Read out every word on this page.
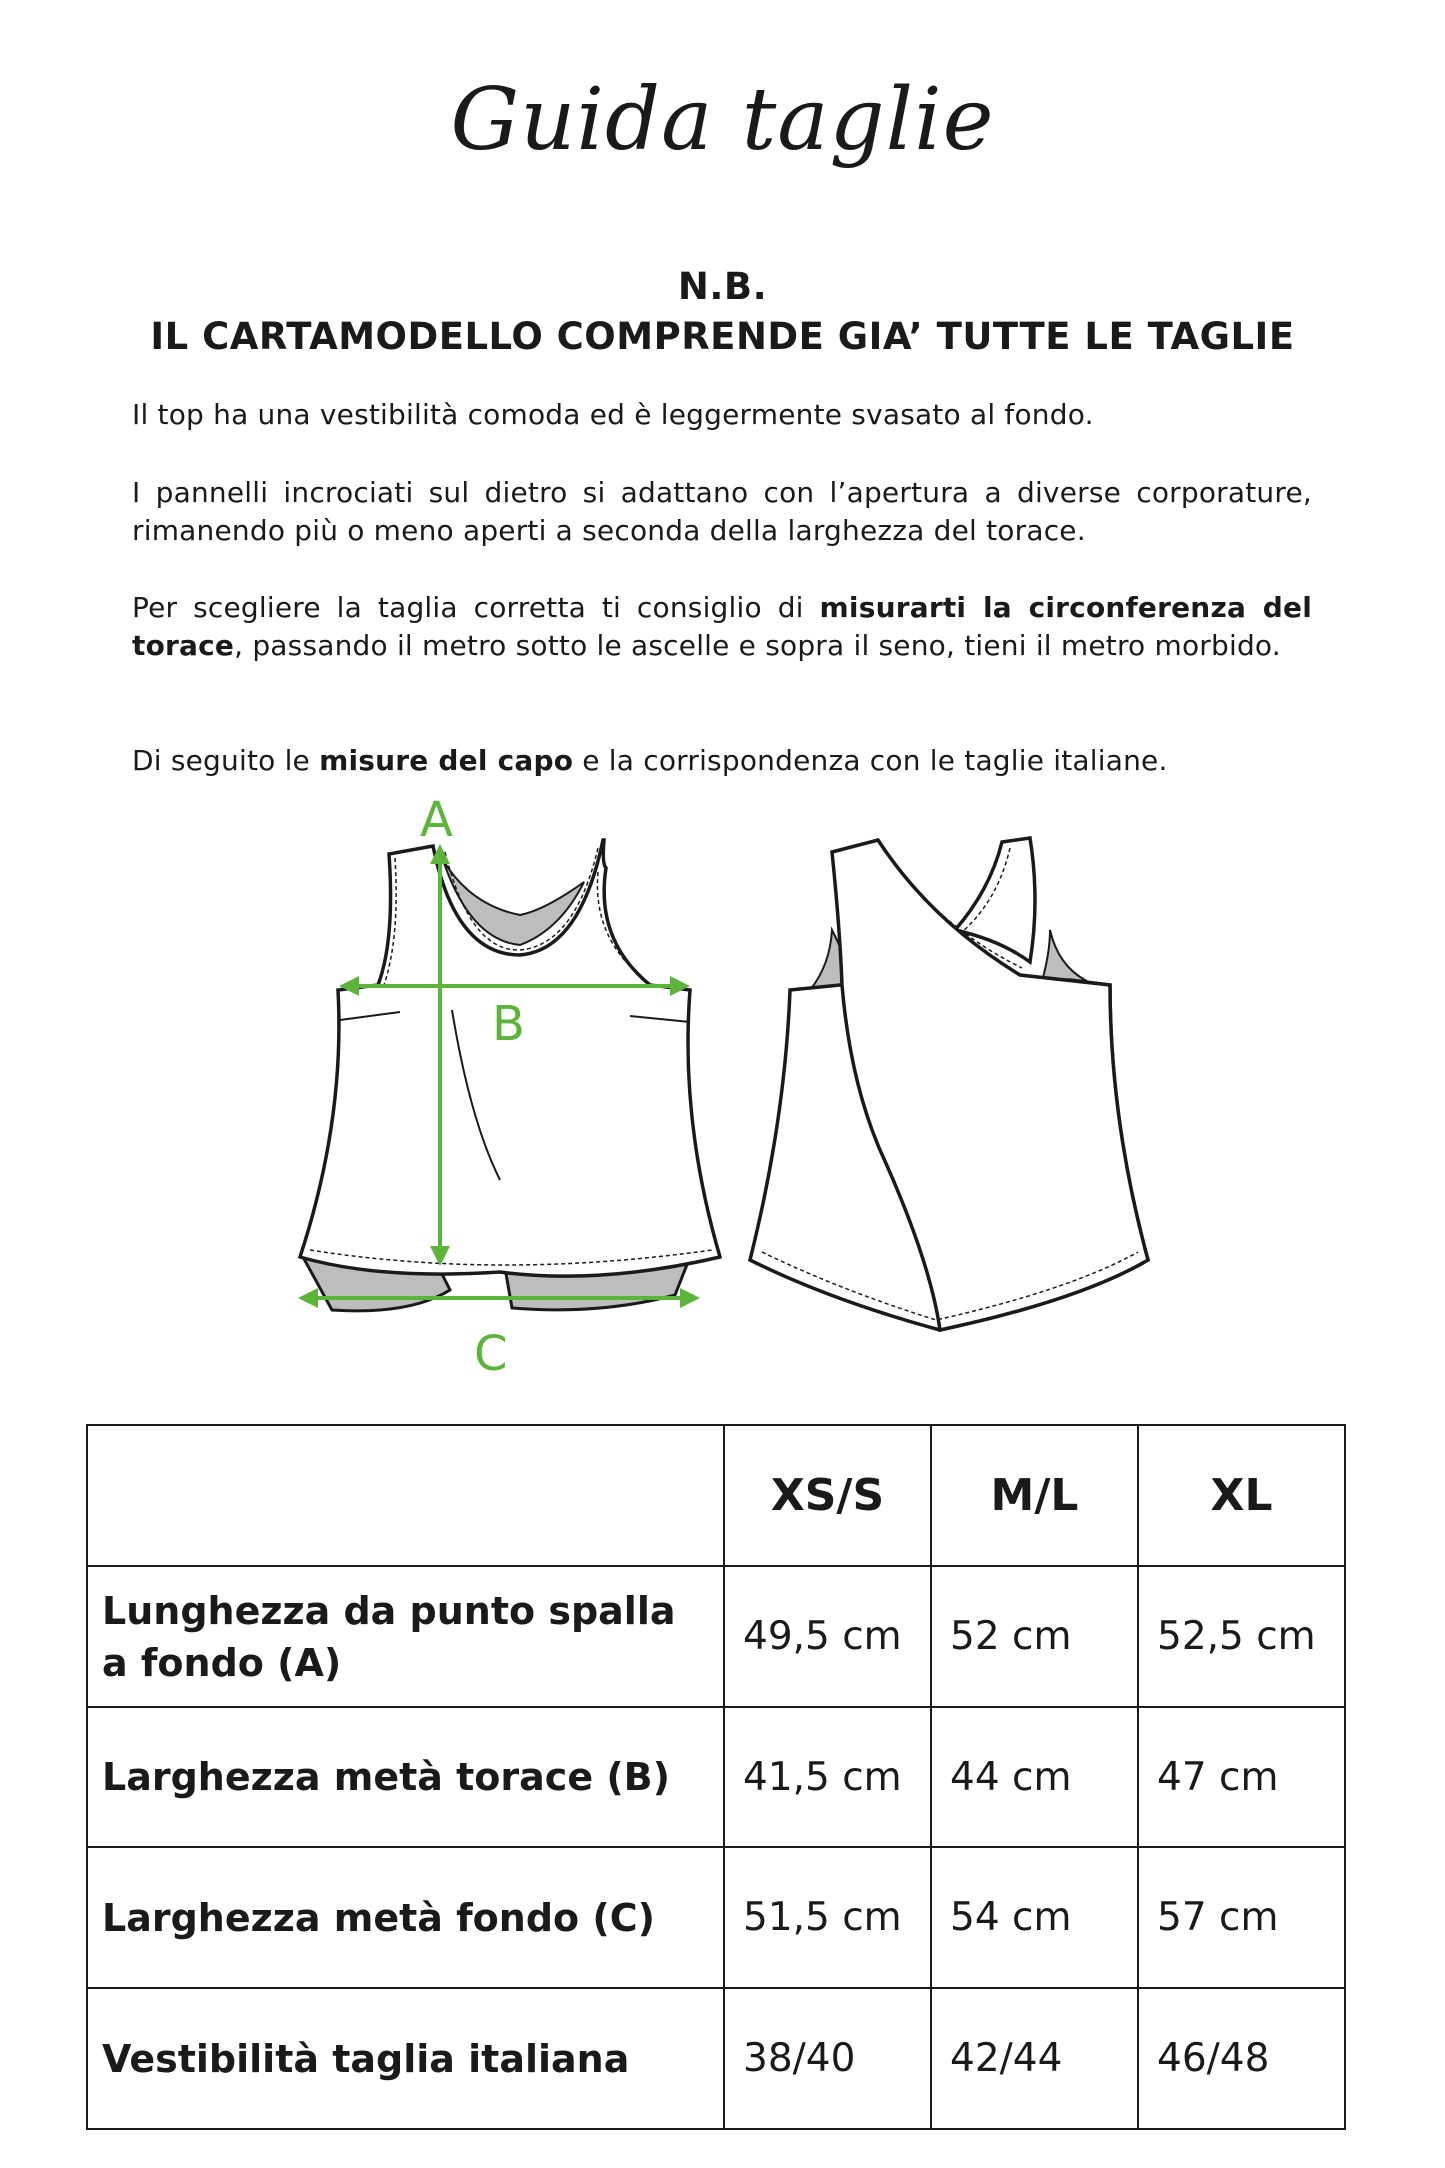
Guida taglie
N.B.
IL CARTAMODELLO COMPRENDE GIA’ TUTTE LE TAGLIE
Il top ha una vestibilità comoda ed è leggermente svasato al fondo.
I pannelli incrociati sul dietro si adattano con l’apertura a diverse corporature, rimanendo più o meno aperti a seconda della larghezza del torace.
Per scegliere la taglia corretta ti consiglio di misurarti la circonferenza del torace, passando il metro sotto le ascelle e sopra il seno, tieni il metro morbido.
Di seguito le misure del capo e la corrispondenza con le taglie italiane.
A
B
C
	XS/S	M/L	XL
Lunghezza da punto spalla a fondo (A)	49,5 cm	52 cm	52,5 cm
Larghezza metà torace (B)	41,5 cm	44 cm	47 cm
Larghezza metà fondo (C)	51,5 cm	54 cm	57 cm
Vestibilità taglia italiana	38/40	42/44	46/48
